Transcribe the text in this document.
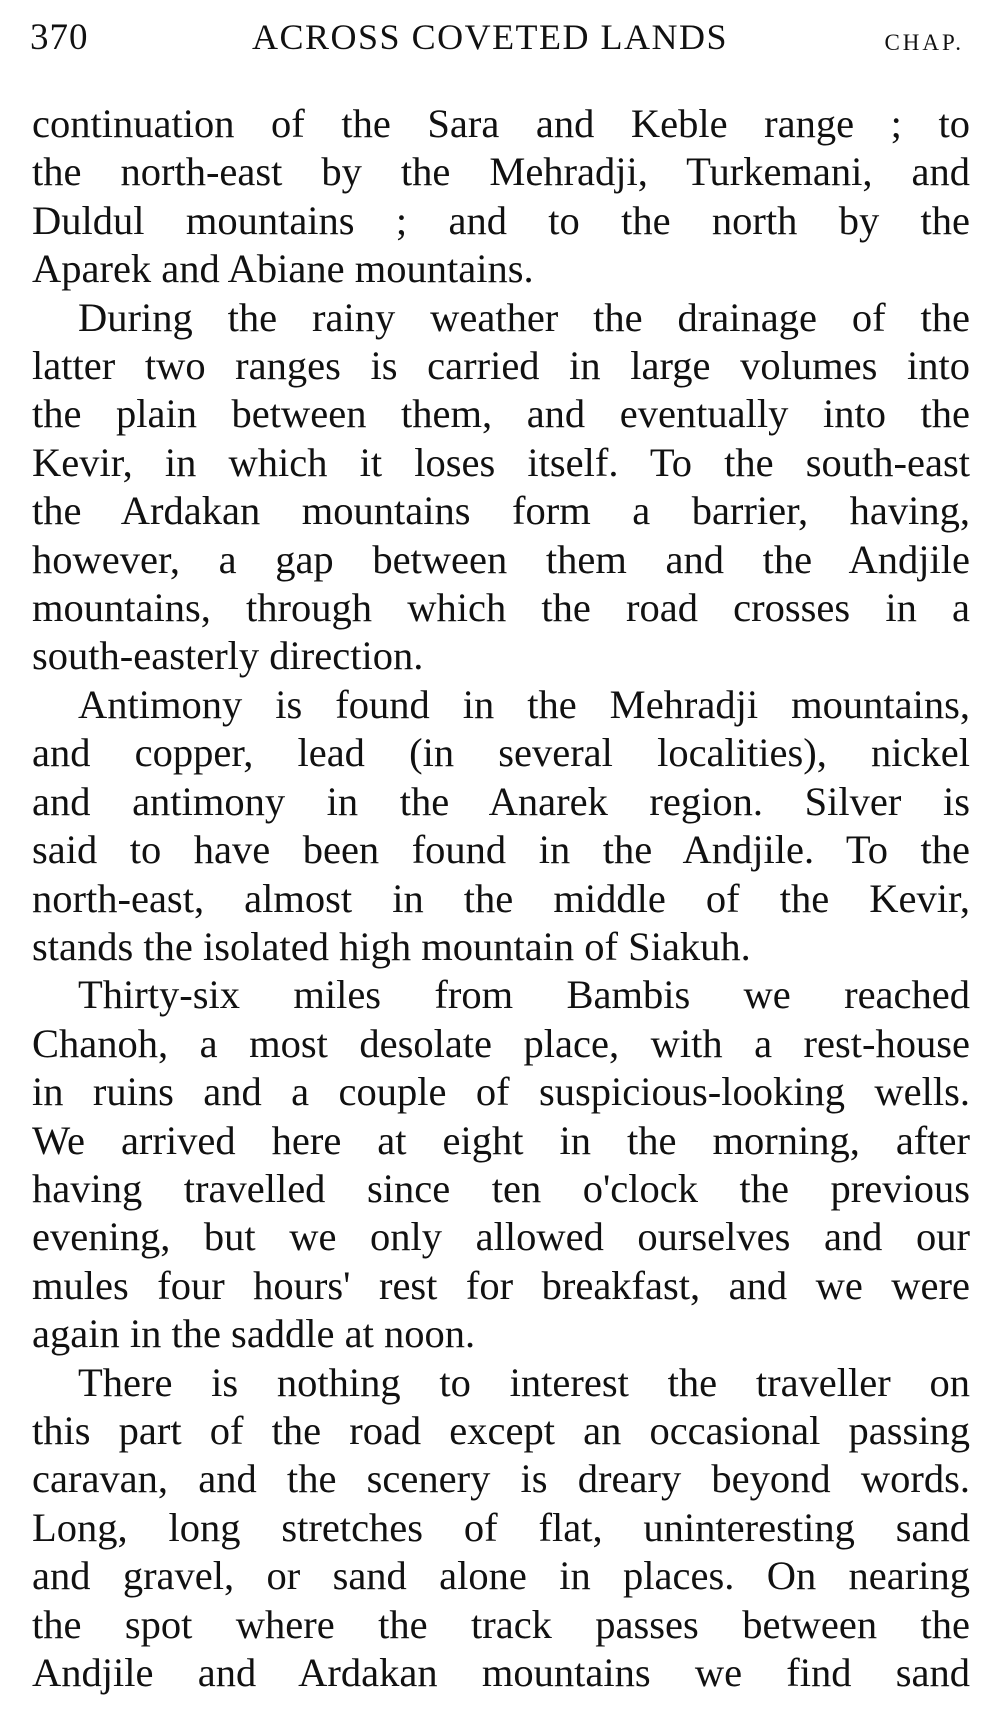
370	ACROSS COVETED LANDS	CHAP.

continuation of the Sara and Keble range ; to
the north-east by the Mehradji, Turkemani, and
Duldul mountains ; and to the north by the
Aparek and Abiane mountains.

During the rainy weather the drainage of the
latter two ranges is carried in large volumes into
the plain between them, and eventually into the
Kevir, in which it loses itself. To the south-east
the Ardakan mountains form a barrier, having,
however, a gap between them and the Andjile
mountains, through which the road crosses in a
south-easterly direction.

Antimony is found in the Mehradji mountains,
and copper, lead (in several localities), nickel
and antimony in the Anarek region. Silver is
said to have been found in the Andjile. To the
north-east, almost in the middle of the Kevir,
stands the isolated high mountain of Siakuh.

Thirty-six miles from Bambis we reached
Chanoh, a most desolate place, with a rest-house
in ruins and a couple of suspicious-looking wells.
We arrived here at eight in the morning, after
having travelled since ten o'clock the previous
evening, but we only allowed ourselves and our
mules four hours' rest for breakfast, and we were
again in the saddle at noon.

There is nothing to interest the traveller on
this part of the road except an occasional passing
caravan, and the scenery is dreary beyond words.
Long, long stretches of flat, uninteresting sand
and gravel, or sand alone in places. On nearing
the spot where the track passes between the
Andjile and Ardakan mountains we find sand
